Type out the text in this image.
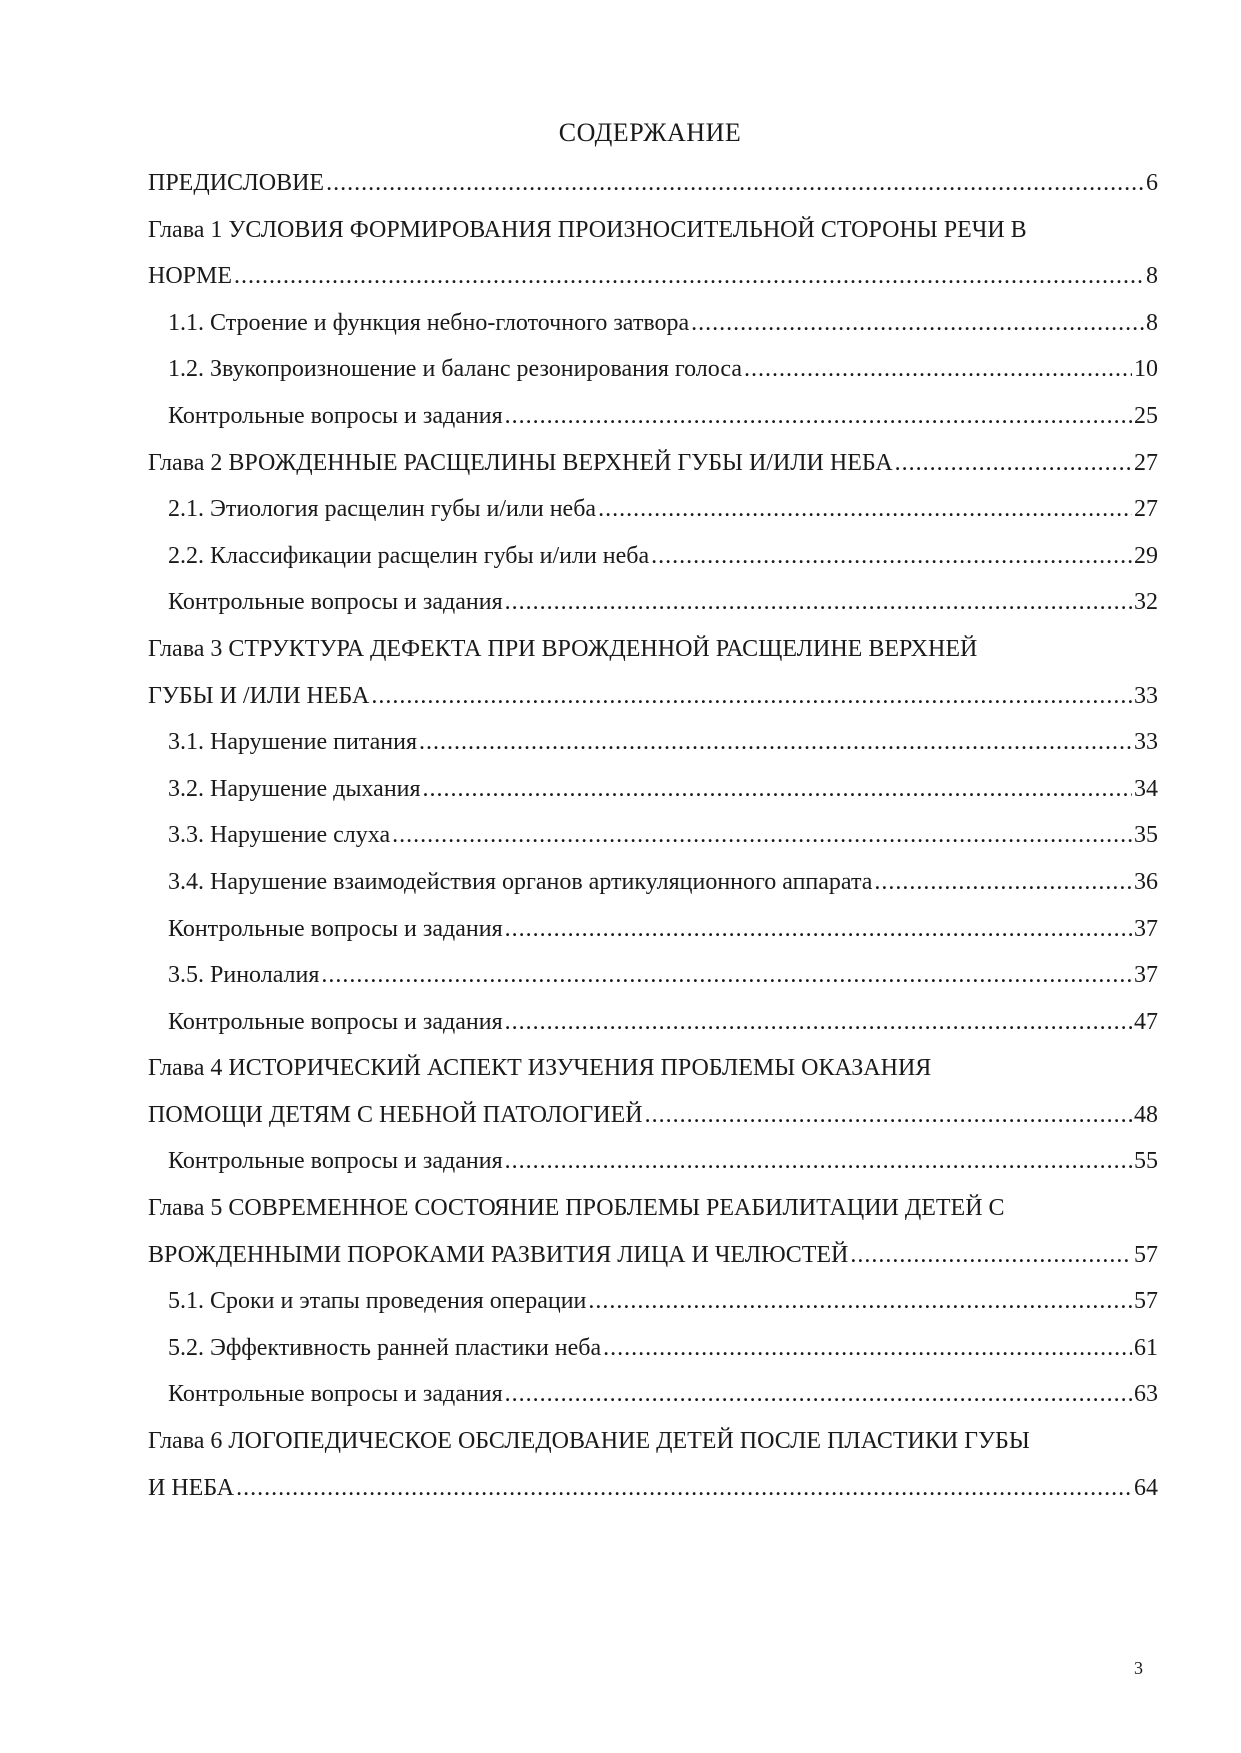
СОДЕРЖАНИЕ
ПРЕДИСЛОВИЕ .....	6
Глава 1 УСЛОВИЯ ФОРМИРОВАНИЯ ПРОИЗНОСИТЕЛЬНОЙ СТОРОНЫ РЕЧИ В
НОРМЕ .....	8
1.1. Строение и функция небно-глоточного затвора .....	8
1.2. Звукопроизношение и баланс резонирования голоса .....	10
Контрольные вопросы и задания .....	25
Глава 2 ВРОЖДЕННЫЕ РАСЩЕЛИНЫ ВЕРХНЕЙ ГУБЫ И/ИЛИ НЕБА .....	27
2.1. Этиология расщелин губы и/или неба .....	27
2.2. Классификации расщелин губы и/или неба .....	29
Контрольные вопросы и задания .....	32
Глава 3 СТРУКТУРА ДЕФЕКТА ПРИ ВРОЖДЕННОЙ РАСЩЕЛИНЕ ВЕРХНЕЙ
ГУБЫ И /ИЛИ НЕБА .....	33
3.1. Нарушение питания .....	33
3.2. Нарушение дыхания .....	34
3.3. Нарушение слуха .....	35
3.4. Нарушение взаимодействия органов артикуляционного аппарата .....	36
Контрольные вопросы и задания .....	37
3.5. Ринолалия .....	37
Контрольные вопросы и задания .....	47
Глава 4 ИСТОРИЧЕСКИЙ АСПЕКТ ИЗУЧЕНИЯ ПРОБЛЕМЫ ОКАЗАНИЯ
ПОМОЩИ ДЕТЯМ С НЕБНОЙ ПАТОЛОГИЕЙ .....	48
Контрольные вопросы и задания .....	55
Глава 5 СОВРЕМЕННОЕ СОСТОЯНИЕ ПРОБЛЕМЫ РЕАБИЛИТАЦИИ ДЕТЕЙ С
ВРОЖДЕННЫМИ ПОРОКАМИ РАЗВИТИЯ ЛИЦА И ЧЕЛЮСТЕЙ .....	57
5.1. Сроки и этапы проведения операции .....	57
5.2. Эффективность ранней пластики неба .....	61
Контрольные вопросы и задания .....	63
Глава 6 ЛОГОПЕДИЧЕСКОЕ ОБСЛЕДОВАНИЕ ДЕТЕЙ ПОСЛЕ ПЛАСТИКИ ГУБЫ
И НЕБА .....	64
3
